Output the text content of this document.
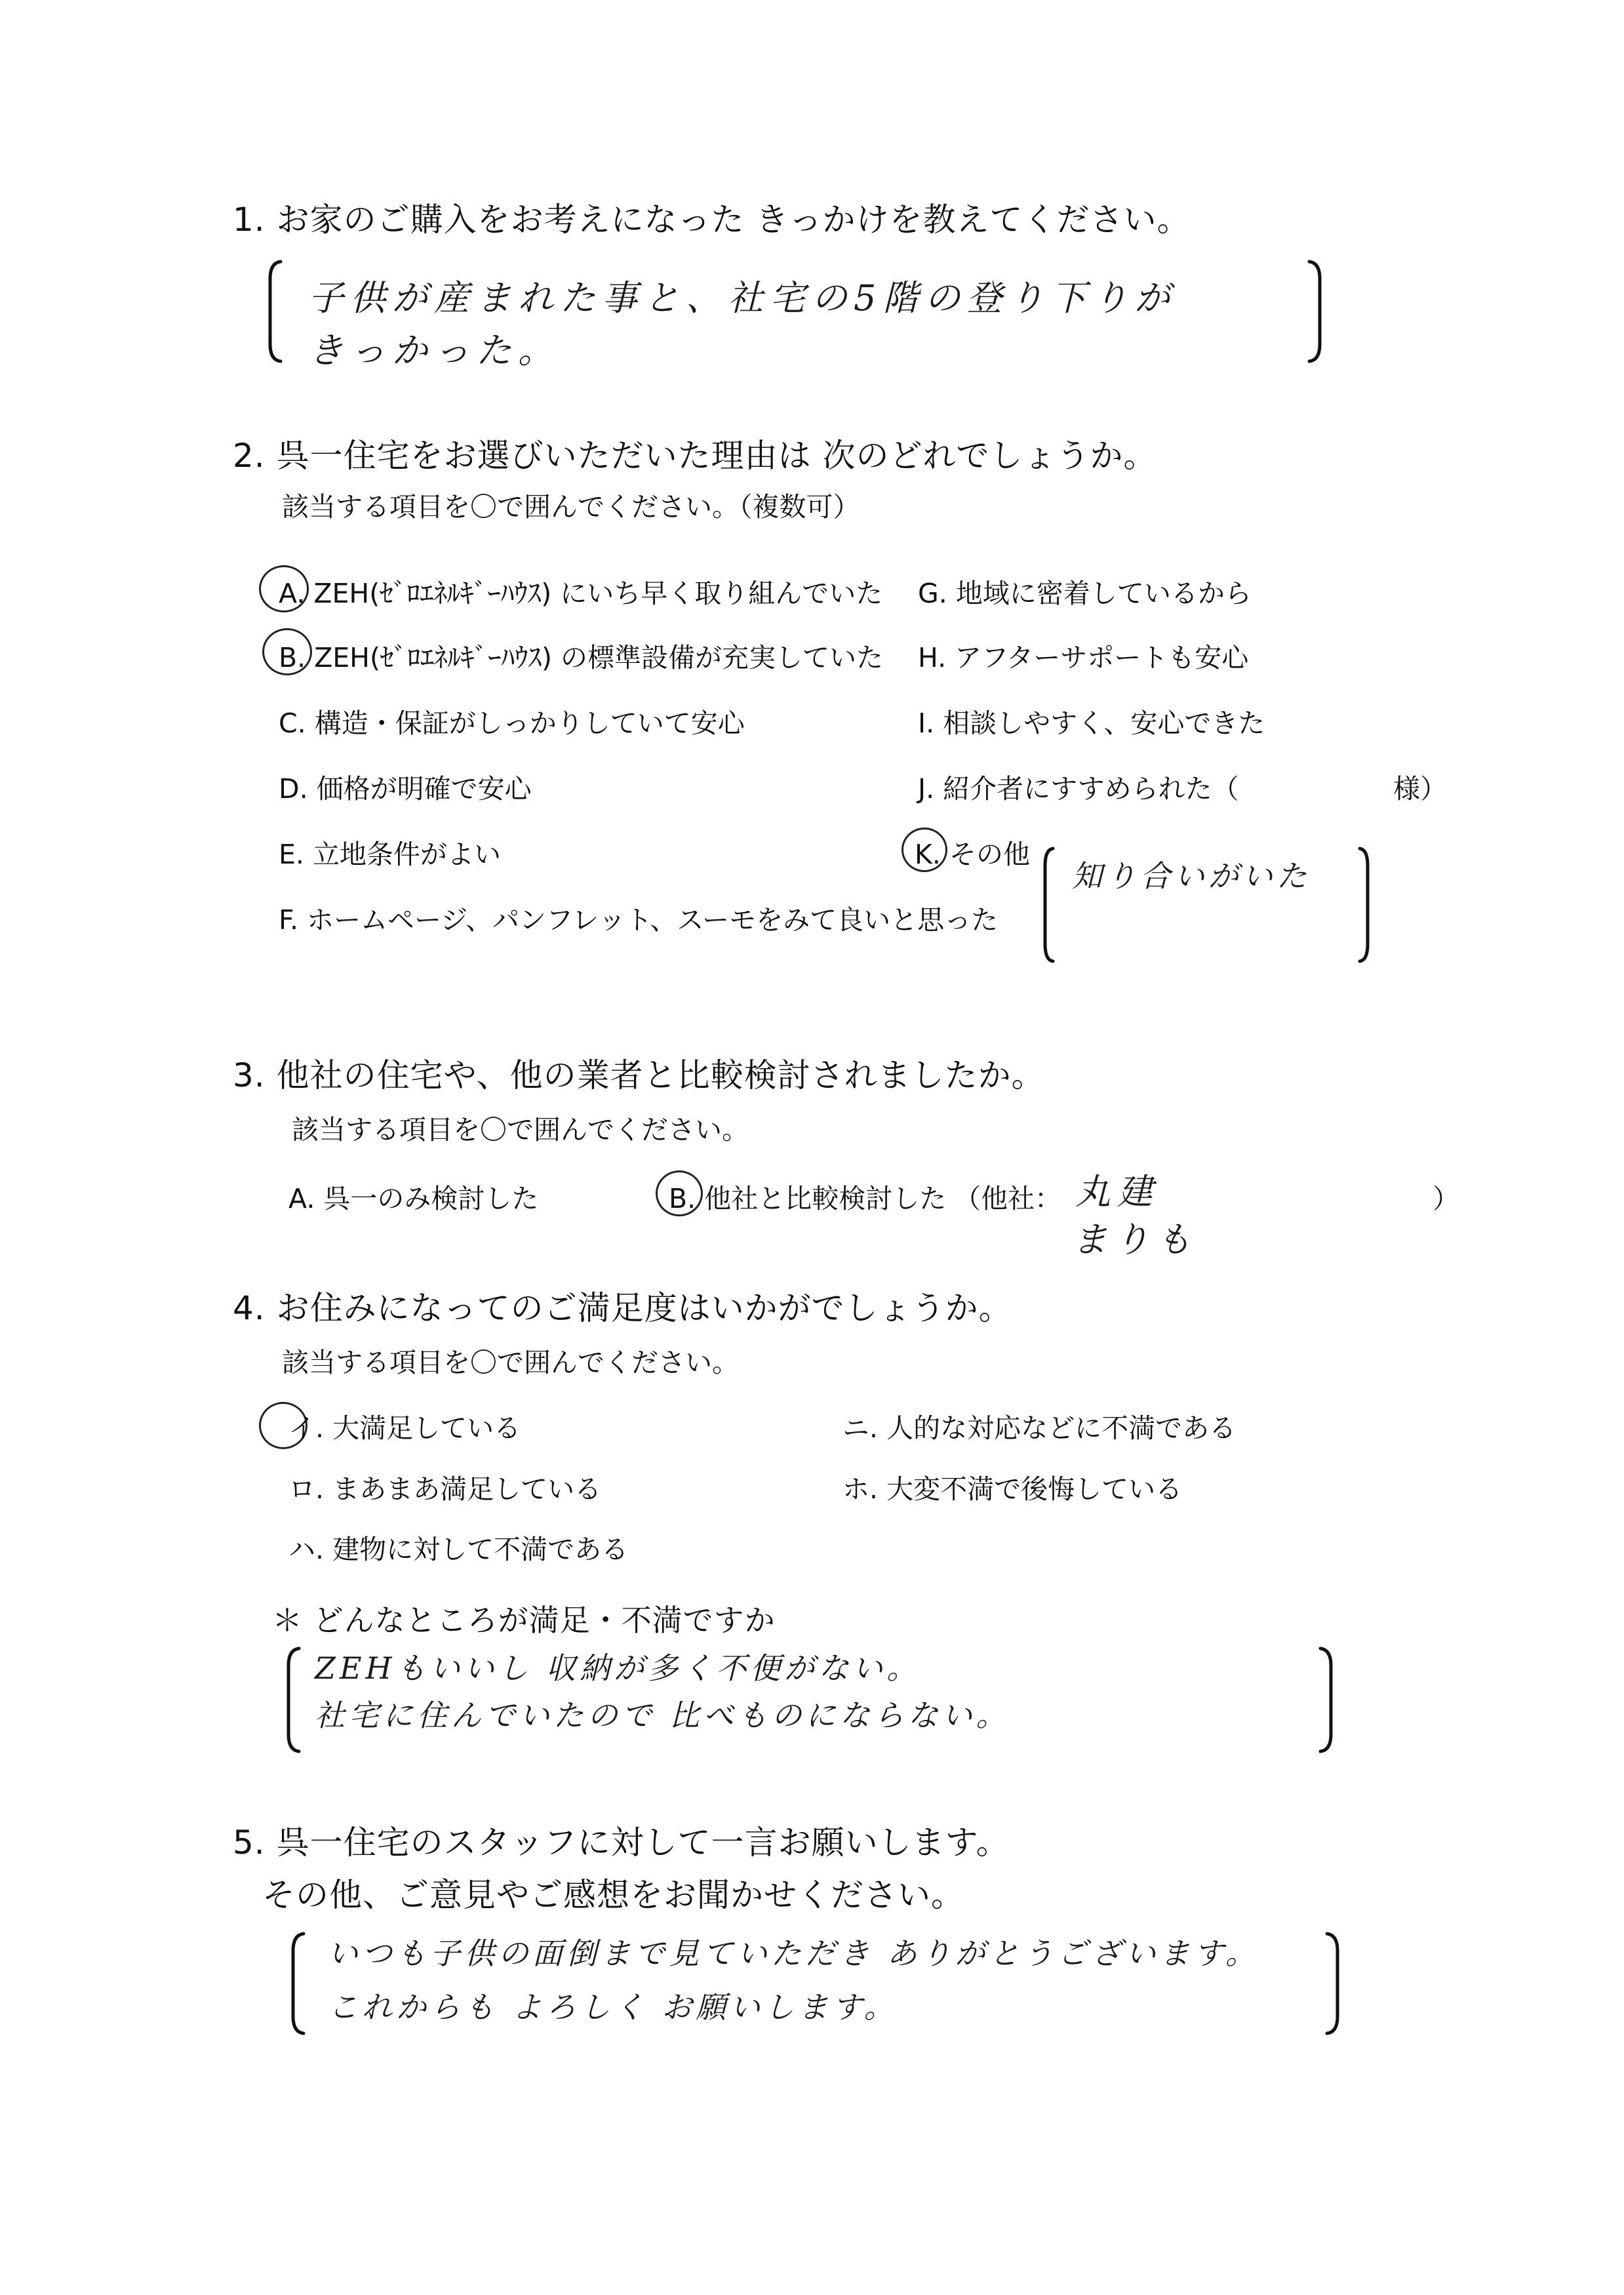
1. お家のご購入をお考えになった きっかけを教えてください。
子供が産まれた事と、社宅の5階の登り下りが
きっかった。
2. 呉一住宅をお選びいただいた理由は 次のどれでしょうか。
該当する項目を〇で囲んでください。（複数可）
A. ZEH(ｾﾞﾛｴﾈﾙｷﾞｰﾊｳｽ) にいち早く取り組んでいた
B. ZEH(ｾﾞﾛｴﾈﾙｷﾞｰﾊｳｽ) の標準設備が充実していた
C. 構造・保証がしっかりしていて安心
D. 価格が明確で安心
E. 立地条件がよい
F. ホームページ、パンフレット、スーモをみて良いと思った
G. 地域に密着しているから
H. アフターサポートも安心
I. 相談しやすく、安心できた
J. 紹介者にすすめられた（	様）
K. その他
知り合いがいた
3. 他社の住宅や、他の業者と比較検討されましたか。
該当する項目を〇で囲んでください。
A. 呉一のみ検討した	B. 他社と比較検討した （他社：	）
丸建
まりも
4. お住みになってのご満足度はいかがでしょうか。
該当する項目を〇で囲んでください。
イ. 大満足している
ロ. まあまあ満足している
ハ. 建物に対して不満である
ニ. 人的な対応などに不満である
ホ. 大変不満で後悔している
＊ どんなところが満足・不満ですか
ZEHもいいし 収納が多く不便がない。
社宅に住んでいたので 比べものにならない。
5. 呉一住宅のスタッフに対して一言お願いします。
その他、ご意見やご感想をお聞かせください。
いつも子供の面倒まで見ていただき ありがとうございます。
これからも よろしく お願いします。
